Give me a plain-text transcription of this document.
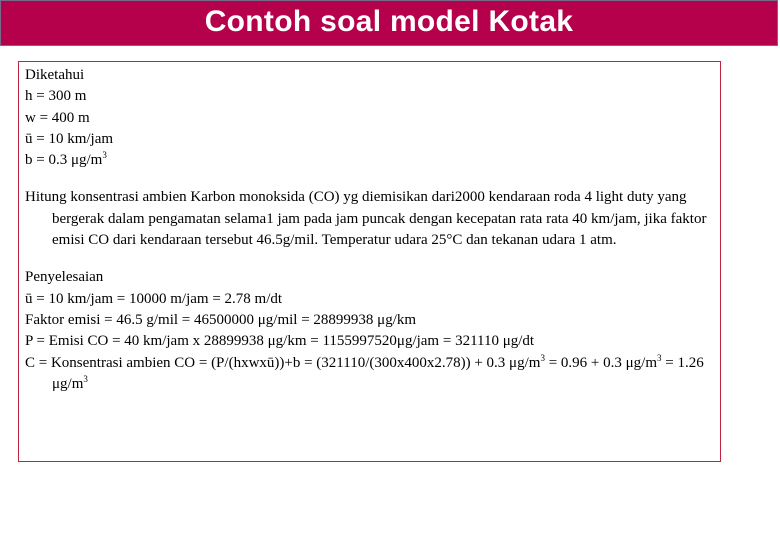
Contoh soal model Kotak
Diketahui
h = 300 m
w = 400 m
ū = 10 km/jam
b = 0.3 $\mu g/m^3$
Hitung konsentrasi ambien Karbon monoksida (CO) yg diemisikan dari2000 kendaraan roda 4 light duty yang bergerak dalam pengamatan selama1 jam pada jam puncak dengan kecepatan rata rata 40 km/jam, jika faktor emisi CO dari kendaraan tersebut 46.5g/mil. Temperatur udara 25°C dan tekanan udara 1 atm.
Penyelesaian
ū = 10 km/jam = 10000 m/jam = 2.78 m/dt
Faktor emisi = 46.5 g/mil = 46500000 μg/mil = 28899938 μg/km
P = Emisi CO = 40 km/jam x 28899938 μg/km = 1155997520μg/jam = 321110 μg/dt
C = Konsentrasi ambien CO = (P/(hxwxū))+b = (321110/(300x400x2.78)) + 0.3 $\mu g/m^3 = 0.96 + 0.3$ $\mu g/m^3 = 1.26$ $\mu g/m^3$
